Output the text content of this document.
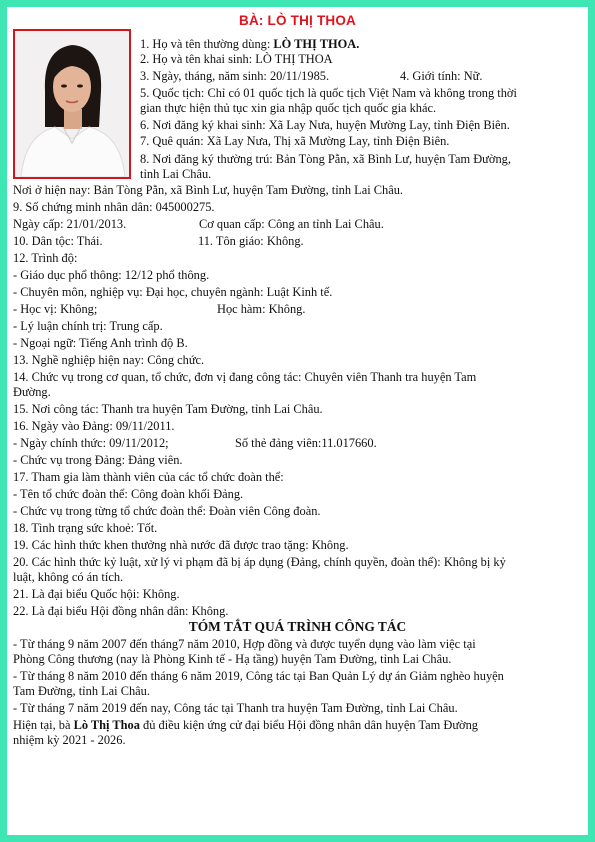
BÀ: LÒ THỊ THOA
1. Họ và tên thường dùng: LÒ THỊ THOA.
2. Họ và tên khai sinh: LÒ THỊ THOA
3. Ngày, tháng, năm sinh: 20/11/1985.	4. Giới tính: Nữ.
5. Quốc tịch: Chỉ có 01 quốc tịch là quốc tịch Việt Nam và không trong thời
gian thực hiện thủ tục xin gia nhập quốc tịch quốc gia khác.
6. Nơi đăng ký khai sinh: Xã Lay Nưa, huyện Mường Lay, tỉnh Điện Biên.
7. Quê quán: Xã Lay Nưa, Thị xã Mường Lay, tỉnh Điện Biên.
8. Nơi đăng ký thường trú: Bản Tòng Pằn, xã Bình Lư, huyện Tam Đường,
tỉnh Lai Châu.
Nơi ở hiện nay: Bản Tòng Pằn, xã Bình Lư, huyện Tam Đường, tỉnh Lai Châu.
9. Số chứng minh nhân dân: 045000275.
Ngày cấp: 21/01/2013.	Cơ quan cấp: Công an tỉnh Lai Châu.
10. Dân tộc: Thái.	11. Tôn giáo: Không.
12. Trình độ:
- Giáo dục phổ thông: 12/12 phổ thông.
- Chuyên môn, nghiệp vụ: Đại học, chuyên ngành: Luật Kinh tế.
- Học vị: Không;	Học hàm: Không.
- Lý luận chính trị: Trung cấp.
- Ngoại ngữ: Tiếng Anh trình độ B.
13. Nghề nghiệp hiện nay: Công chức.
14. Chức vụ trong cơ quan, tổ chức, đơn vị đang công tác: Chuyên viên Thanh tra huyện Tam
Đường.
15. Nơi công tác: Thanh tra huyện Tam Đường, tỉnh Lai Châu.
16. Ngày vào Đảng: 09/11/2011.
- Ngày chính thức: 09/11/2012;	Số thẻ đảng viên:11.017660.
- Chức vụ trong Đảng: Đảng viên.
17. Tham gia làm thành viên của các tổ chức đoàn thể:
- Tên tổ chức đoàn thể: Công đoàn khối Đảng.
- Chức vụ trong từng tổ chức đoàn thể: Đoàn viên Công đoàn.
18. Tình trạng sức khoẻ: Tốt.
19. Các hình thức khen thưởng nhà nước đã được trao tặng: Không.
20. Các hình thức kỷ luật, xử lý vi phạm đã bị áp dụng (Đảng, chính quyền, đoàn thể): Không bị kỷ
luật, không có án tích.
21. Là đại biểu Quốc hội: Không.
22. Là đại biểu Hội đồng nhân dân: Không.
TÓM TẮT QUÁ TRÌNH CÔNG TÁC
- Từ tháng 9 năm 2007 đến tháng7 năm 2010, Hợp đồng và được tuyển dụng vào làm việc tại
Phòng Công thương (nay là Phòng Kinh tế - Hạ tầng) huyện Tam Đường, tỉnh Lai Châu.
- Từ tháng 8 năm 2010 đến tháng 6 năm 2019, Công tác tại Ban Quản Lý dự án Giảm nghèo huyện
Tam Đường, tỉnh Lai Châu.
- Từ tháng 7 năm 2019 đến nay, Công tác tại Thanh tra huyện Tam Đường, tỉnh Lai Châu.
Hiện tại, bà Lò Thị Thoa đủ điều kiện ứng cử đại biểu Hội đồng nhân dân huyện Tam Đường
nhiệm kỳ 2021 - 2026.
